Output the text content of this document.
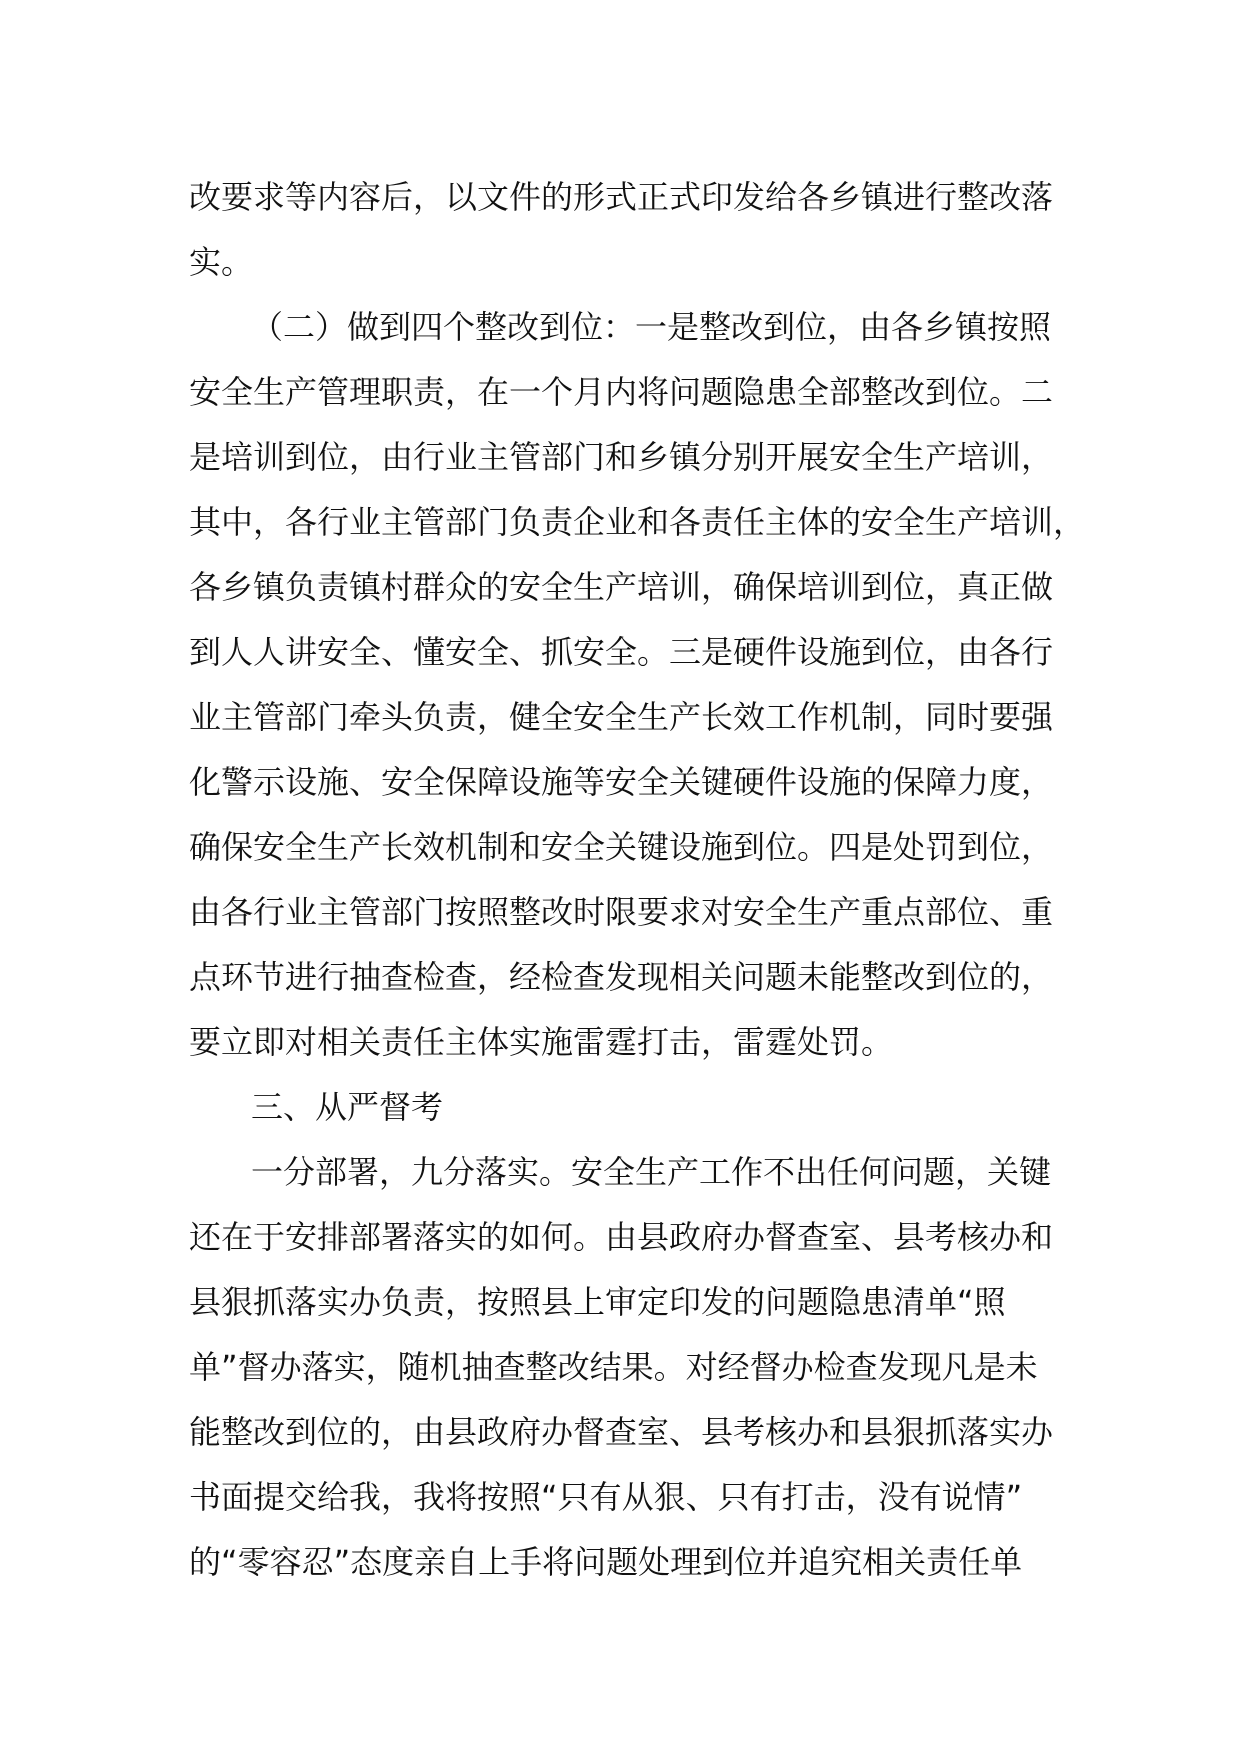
改要求等内容后，以文件的形式正式印发给各乡镇进行整改落
实。
（二）做到四个整改到位：一是整改到位，由各乡镇按照
安全生产管理职责，在一个月内将问题隐患全部整改到位。二
是培训到位，由行业主管部门和乡镇分别开展安全生产培训，
其中，各行业主管部门负责企业和各责任主体的安全生产培训，
各乡镇负责镇村群众的安全生产培训，确保培训到位，真正做
到人人讲安全、懂安全、抓安全。三是硬件设施到位，由各行
业主管部门牵头负责，健全安全生产长效工作机制，同时要强
化警示设施、安全保障设施等安全关键硬件设施的保障力度，
确保安全生产长效机制和安全关键设施到位。四是处罚到位，
由各行业主管部门按照整改时限要求对安全生产重点部位、重
点环节进行抽查检查，经检查发现相关问题未能整改到位的，
要立即对相关责任主体实施雷霆打击，雷霆处罚。
三、从严督考
一分部署，九分落实。安全生产工作不出任何问题，关键
还在于安排部署落实的如何。由县政府办督查室、县考核办和
县狠抓落实办负责，按照县上审定印发的问题隐患清单“照
单”督办落实，随机抽查整改结果。对经督办检查发现凡是未
能整改到位的，由县政府办督查室、县考核办和县狠抓落实办
书面提交给我，我将按照“只有从狠、只有打击，没有说情”
的“零容忍”态度亲自上手将问题处理到位并追究相关责任单
